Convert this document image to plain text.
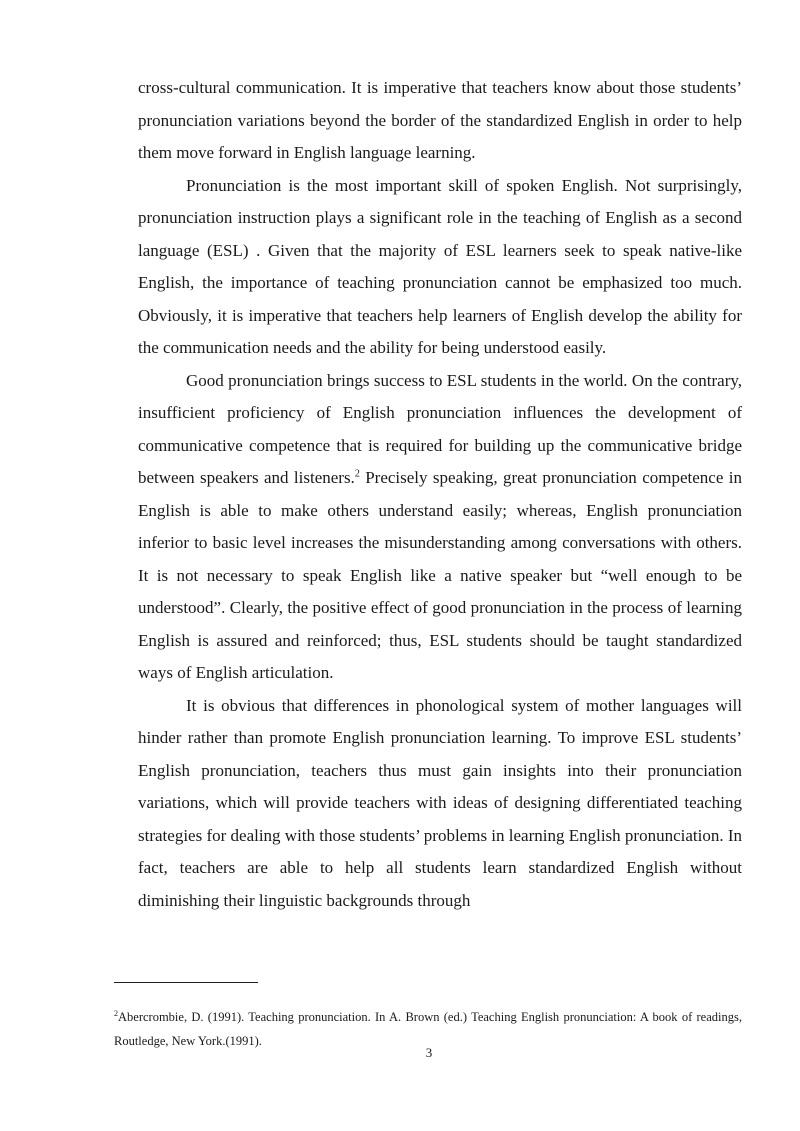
cross-cultural communication. It is imperative that teachers know about those students’ pronunciation variations beyond the border of the standardized English in order to help them move forward in English language learning.

Pronunciation is the most important skill of spoken English. Not surprisingly, pronunciation instruction plays a significant role in the teaching of English as a second language (ESL) . Given that the majority of ESL learners seek to speak native-like English, the importance of teaching pronunciation cannot be emphasized too much. Obviously, it is imperative that teachers help learners of English develop the ability for the communication needs and the ability for being understood easily.

Good pronunciation brings success to ESL students in the world. On the contrary, insufficient proficiency of English pronunciation influences the development of communicative competence that is required for building up the communicative bridge between speakers and listeners.$^2$ Precisely speaking, great pronunciation competence in English is able to make others understand easily; whereas, English pronunciation inferior to basic level increases the misunderstanding among conversations with others. It is not necessary to speak English like a native speaker but “well enough to be understood”. Clearly, the positive effect of good pronunciation in the process of learning English is assured and reinforced; thus, ESL students should be taught standardized ways of English articulation.

It is obvious that differences in phonological system of mother languages will hinder rather than promote English pronunciation learning. To improve ESL students’ English pronunciation, teachers thus must gain insights into their pronunciation variations, which will provide teachers with ideas of designing differentiated teaching strategies for dealing with those students’ problems in learning English pronunciation. In fact, teachers are able to help all students learn standardized English without diminishing their linguistic backgrounds through

$^2$Abercrombie, D. (1991). Teaching pronunciation. In A. Brown (ed.) Teaching English pronunciation: A book of readings, Routledge, New York.(1991).
3
